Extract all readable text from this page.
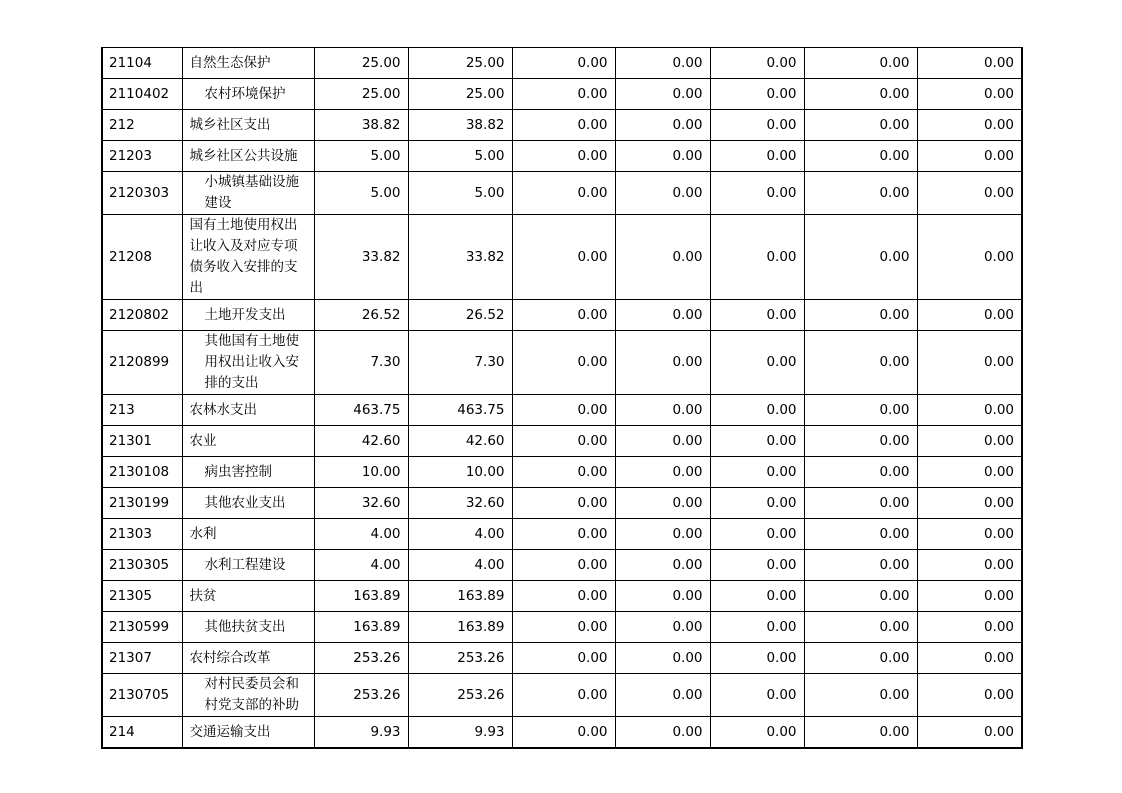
21104	自然生态保护	25.00	25.00	0.00	0.00	0.00	0.00	0.00
2110402	农村环境保护	25.00	25.00	0.00	0.00	0.00	0.00	0.00
212	城乡社区支出	38.82	38.82	0.00	0.00	0.00	0.00	0.00
21203	城乡社区公共设施	5.00	5.00	0.00	0.00	0.00	0.00	0.00
2120303	小城镇基础设施建设	5.00	5.00	0.00	0.00	0.00	0.00	0.00
21208	国有土地使用权出让收入及对应专项债务收入安排的支出	33.82	33.82	0.00	0.00	0.00	0.00	0.00
2120802	土地开发支出	26.52	26.52	0.00	0.00	0.00	0.00	0.00
2120899	其他国有土地使用权出让收入安排的支出	7.30	7.30	0.00	0.00	0.00	0.00	0.00
213	农林水支出	463.75	463.75	0.00	0.00	0.00	0.00	0.00
21301	农业	42.60	42.60	0.00	0.00	0.00	0.00	0.00
2130108	病虫害控制	10.00	10.00	0.00	0.00	0.00	0.00	0.00
2130199	其他农业支出	32.60	32.60	0.00	0.00	0.00	0.00	0.00
21303	水利	4.00	4.00	0.00	0.00	0.00	0.00	0.00
2130305	水利工程建设	4.00	4.00	0.00	0.00	0.00	0.00	0.00
21305	扶贫	163.89	163.89	0.00	0.00	0.00	0.00	0.00
2130599	其他扶贫支出	163.89	163.89	0.00	0.00	0.00	0.00	0.00
21307	农村综合改革	253.26	253.26	0.00	0.00	0.00	0.00	0.00
2130705	对村民委员会和村党支部的补助	253.26	253.26	0.00	0.00	0.00	0.00	0.00
214	交通运输支出	9.93	9.93	0.00	0.00	0.00	0.00	0.00
